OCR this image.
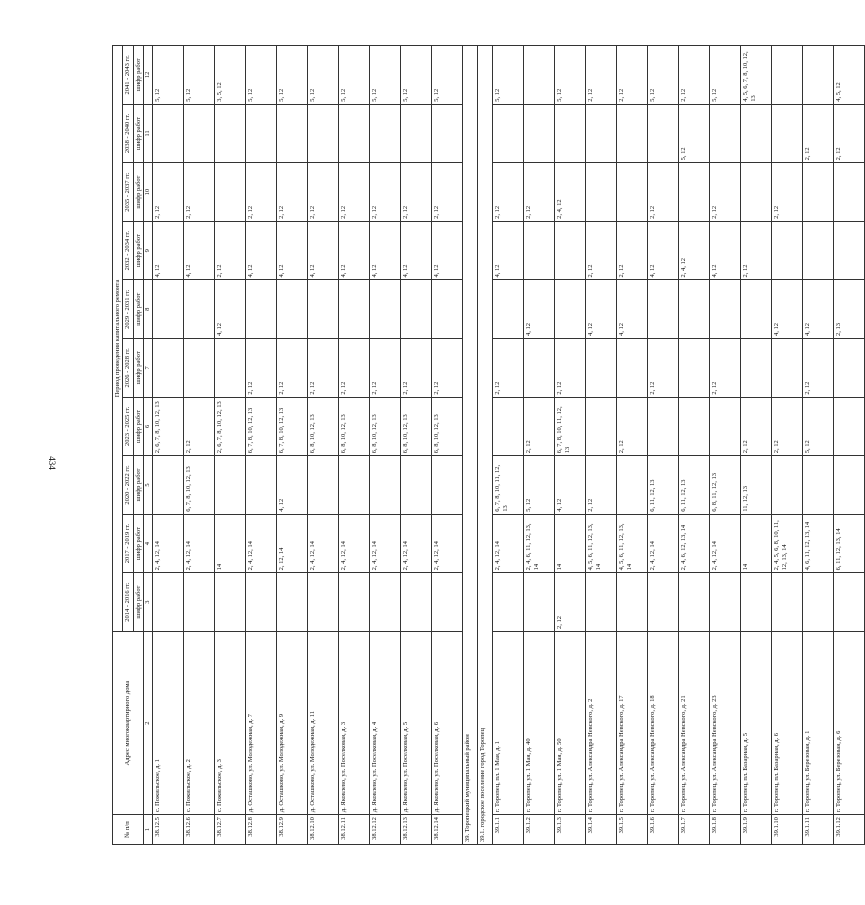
434
№ п/п	Адрес многоквартирного дома	Период проведения капитального ремонта									
		2014 - 2016 гг.	2017 - 2019 гг.	2020 - 2022 гг.	2023 - 2025 гг.	2026 - 2028 гг.	2029 - 2031 гг.	2032 - 2034 гг.	2035 - 2037 гг.	2038 - 2040 гг.	2041 - 2043 гг.
		шифр работ	шифр работ	шифр работ	шифр работ	шифр работ	шифр работ	шифр работ	шифр работ	шифр работ	шифр работ
1	2	3	4	5	6	7	8	9	10	11	12
38.12.5	с. Пожильское, д. 1		2, 4, 12, 14		2, 6, 7, 8, 10, 12, 13			4, 12	2, 12		5, 12
38.12.6	с. Пожильское, д. 2		2, 4, 12, 14	6, 7, 8, 10, 12, 13	2, 12			4, 12	2, 12		5, 12
38.12.7	с. Пожильское, д. 3		14		2, 6, 7, 8, 10, 12, 13		4, 12	2, 12			3, 5, 12
38.12.8	д. Осташково, ул. Молодежная, д. 7		2, 4, 12, 14		6, 7, 8, 10, 12, 13	2, 12		4, 12	2, 12		5, 12
38.12.9	д. Осташково, ул. Молодежная, д. 9		2, 12, 14	4, 12	6, 7, 8, 10, 12, 13	2, 12		4, 12	2, 12		5, 12
38.12.10	д. Осташково, ул. Молодежная, д. 11		2, 4, 12, 14		6, 8, 10, 12, 13	2, 12		4, 12	2, 12		5, 12
38.12.11	д. Яковлево, ул. Поселковая, д. 3		2, 4, 12, 14		6, 8, 10, 12, 13	2, 12		4, 12	2, 12		5, 12
38.12.12	д. Яковлево, ул. Поселковая, д. 4		2, 4, 12, 14		6, 8, 10, 12, 13	2, 12		4, 12	2, 12		5, 12
38.12.13	д. Яковлево, ул. Поселковая, д. 5		2, 4, 12, 14		6, 8, 10, 12, 13	2, 12		4, 12	2, 12		5, 12
38.12.14	д. Яковлево, ул. Поселковая, д. 6		2, 4, 12, 14		6, 8, 10, 12, 13	2, 12		4, 12	2, 12		5, 12
39. Торопецкий муниципальный район											
39.1. городское поселение город Торопец											
39.1.1	г. Торопец, пл. 1 Мая, д. 1		2, 4, 12, 14	6, 7, 8, 10, 11, 12, 13		2, 12		4, 12	2, 12		5, 12
39.1.2	г. Торопец, ул. 1 Мая, д. 40		2, 4, 6, 11, 12, 13, 14	5, 12	2, 12		4, 12		2, 12		
39.1.3	г. Торопец, ул. 1 Мая, д. 50	2, 12	14	4, 12	6, 7, 8, 10, 11, 12, 13	2, 12			2, 4, 12		5, 12
39.1.4	г. Торопец, ул. Александра Невского, д. 2		4, 5, 6, 11, 12, 13, 14	2, 12			4, 12	2, 12			2, 12
39.1.5	г. Торопец, ул. Александра Невского, д. 17		4, 5, 6, 11, 12, 13, 14		2, 12		4, 12	2, 12			2, 12
39.1.6	г. Торопец, ул. Александра Невского, д. 18		2, 4, 12, 14	6, 11, 12, 13		2, 12		4, 12	2, 12		5, 12
39.1.7	г. Торопец, ул. Александра Невского, д. 21		2, 4, 6, 12, 13, 14	6, 11, 12, 13				2, 4, 12		5, 12	2, 12
39.1.8	г. Торопец, ул. Александра Невского, д. 23		2, 4, 12, 14	6, 8, 11, 12, 13		2, 12		4, 12	2, 12		5, 12
39.1.9	г. Торопец, пл. Базарная, д. 5		14	11, 12, 13	2, 12			2, 12			4, 5, 6, 7, 8, 10, 12, 13
39.1.10	г. Торопец, пл. Базарная, д. 6		2, 4, 5, 6, 8, 10, 11, 12, 13, 14		2, 12		4, 12		2, 12		
39.1.11	г. Торопец, ул. Березовая, д. 1		4, 6, 11, 12, 13, 14		5, 12	2, 12	4, 12			2, 12	
39.1.12	г. Торопец, ул. Березовая, д. 6		6, 11, 12, 13, 14				2, 13			2, 12	4, 5, 12
